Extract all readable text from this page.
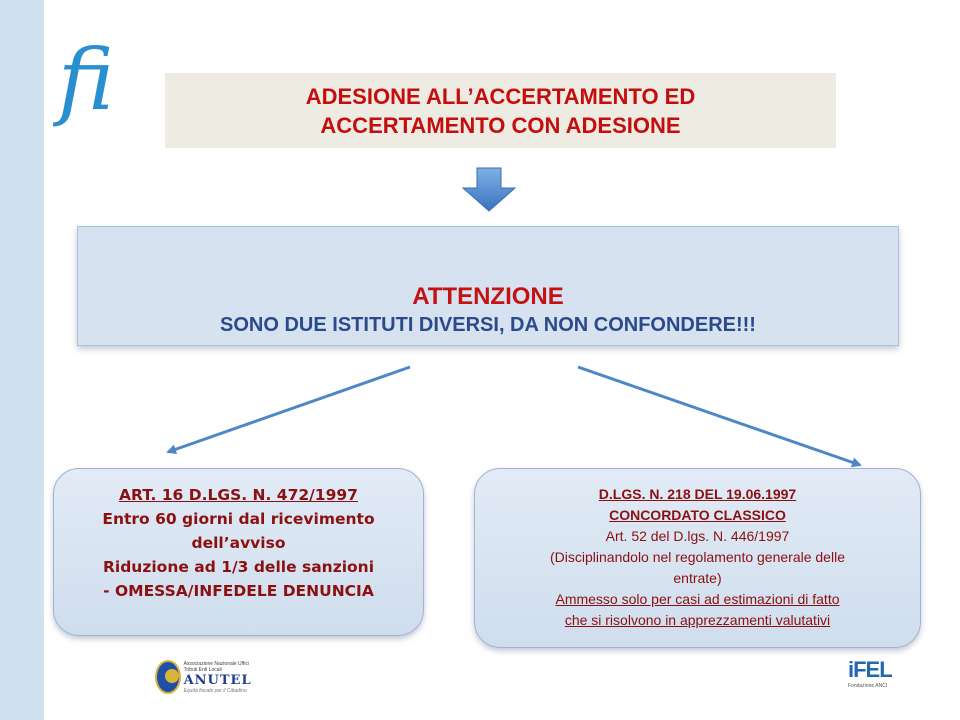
fi	ADESIONE ALL’ACCERTAMENTO ED
ACCERTAMENTO CON ADESIONE
ATTENZIONE
SONO DUE ISTITUTI DIVERSI, DA NON CONFONDERE!!!
ART. 16 D.LGS. N. 472/1997
Entro 60 giorni dal ricevimento
dell’avviso
Riduzione ad 1/3 delle sanzioni
- OMESSA/INFEDELE DENUNCIA
D.LGS. N. 218 DEL 19.06.1997
CONCORDATO CLASSICO
Art. 52 del D.lgs. N. 446/1997
(Disciplinandolo nel regolamento generale delle
entrate)
Ammesso solo per casi ad estimazioni di fatto
che si risolvono in apprezzamenti valutativi
Associazione Nazionale Uffici Tributi Enti Locali
ANUTEL
Equità fiscale per il Cittadino
iFEL
Fondazione ANCI
